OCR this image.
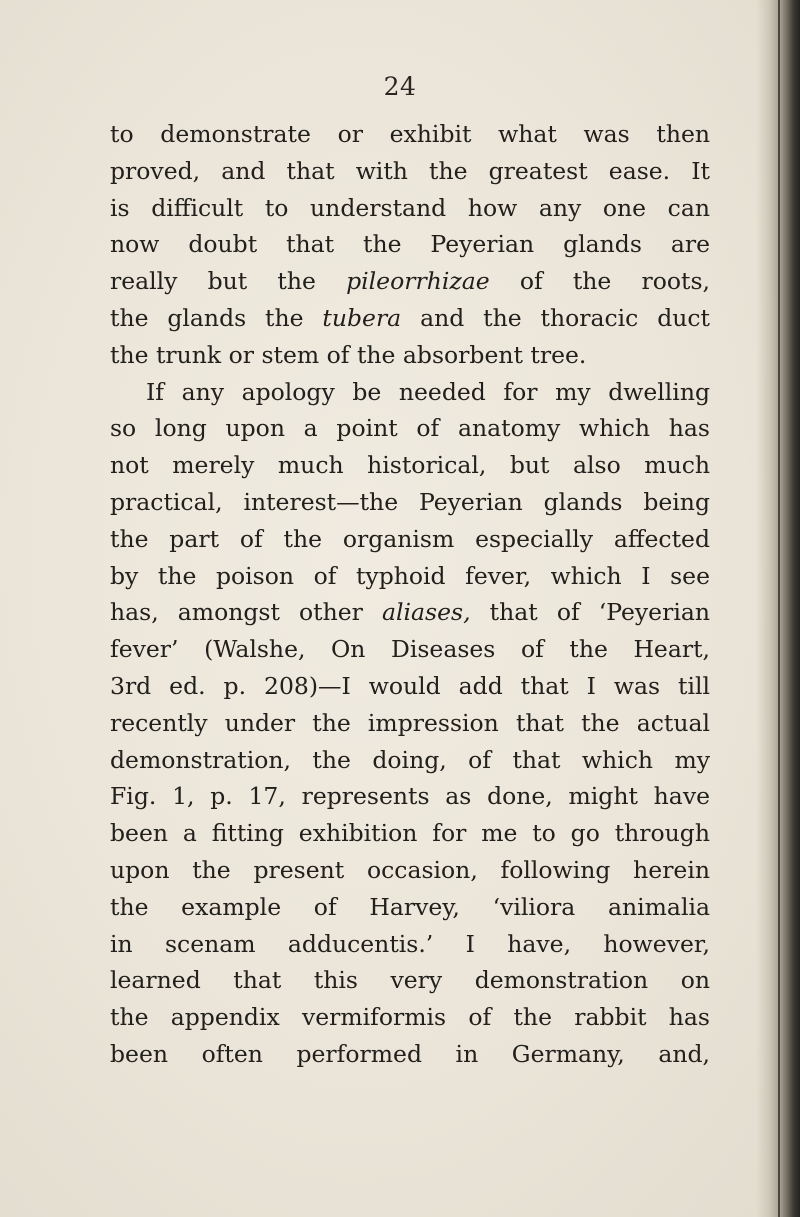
24
to demonstrate or exhibit what was then
proved, and that with the greatest ease. It
is difficult to understand how any one can
now doubt that the Peyerian glands are
really but the pileorrhizae of the roots,
the glands the tubera and the thoracic duct
the trunk or stem of the absorbent tree.
If any apology be needed for my dwelling
so long upon a point of anatomy which has
not merely much historical, but also much
practical, interest—the Peyerian glands being
the part of the organism especially affected
by the poison of typhoid fever, which I see
has, amongst other aliases, that of ‘Peyerian
fever’ (Walshe, On Diseases of the Heart,
3rd ed. p. 208)—I would add that I was till
recently under the impression that the actual
demonstration, the doing, of that which my
Fig. 1, p. 17, represents as done, might have
been a fitting exhibition for me to go through
upon the present occasion, following herein
the example of Harvey, ‘viliora animalia
in scenam adducentis.’ I have, however,
learned that this very demonstration on
the appendix vermiformis of the rabbit has
been often performed in Germany, and,
